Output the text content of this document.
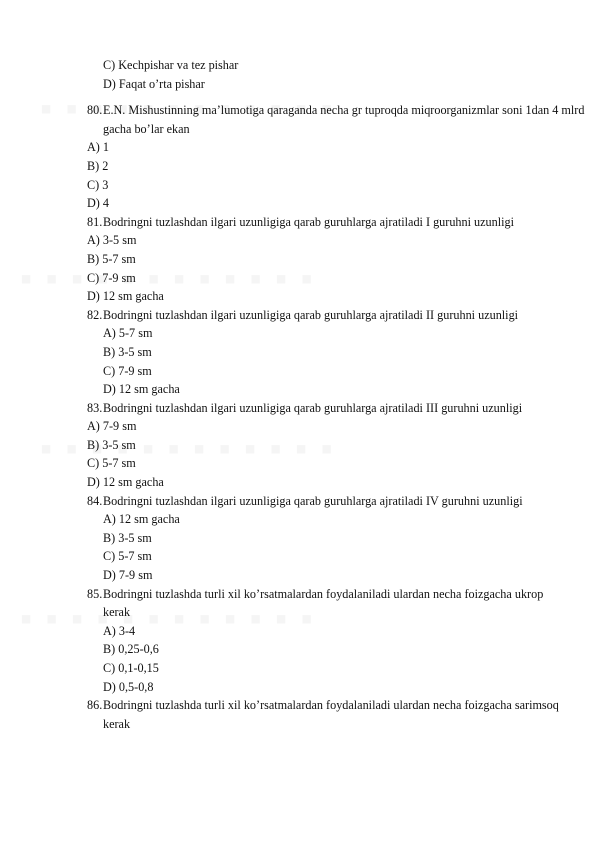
C) Kechpishar va tez pishar
D) Faqat o’rta pishar
80. E.N. Mishustinning ma’lumotiga qaraganda necha gr tuproqda miqroorganizmlar soni 1dan 4 mlrd gacha bo’lar ekan
A) 1
B) 2
C) 3
D) 4
81. Bodringni tuzlashdan ilgari uzunligiga qarab guruhlarga ajratiladi I guruhni uzunligi
A) 3-5 sm
B) 5-7 sm
C) 7-9 sm
D) 12 sm gacha
82. Bodringni tuzlashdan ilgari uzunligiga qarab guruhlarga ajratiladi II guruhni uzunligi
A) 5-7 sm
B) 3-5 sm
C) 7-9 sm
D) 12 sm gacha
83. Bodringni tuzlashdan ilgari uzunligiga qarab guruhlarga ajratiladi III guruhni uzunligi
A) 7-9 sm
B) 3-5 sm
C) 5-7 sm
D) 12 sm gacha
84. Bodringni tuzlashdan ilgari uzunligiga qarab guruhlarga ajratiladi IV guruhni uzunligi
A) 12 sm gacha
B) 3-5 sm
C) 5-7 sm
D) 7-9 sm
85. Bodringni tuzlashda turli xil ko’rsatmalardan foydalaniladi ulardan necha foizgacha ukrop kerak
A) 3-4
B) 0,25-0,6
C) 0,1-0,15
D) 0,5-0,8
86. Bodringni tuzlashda turli xil ko’rsatmalardan foydalaniladi ulardan necha foizgacha sarimsoq kerak
